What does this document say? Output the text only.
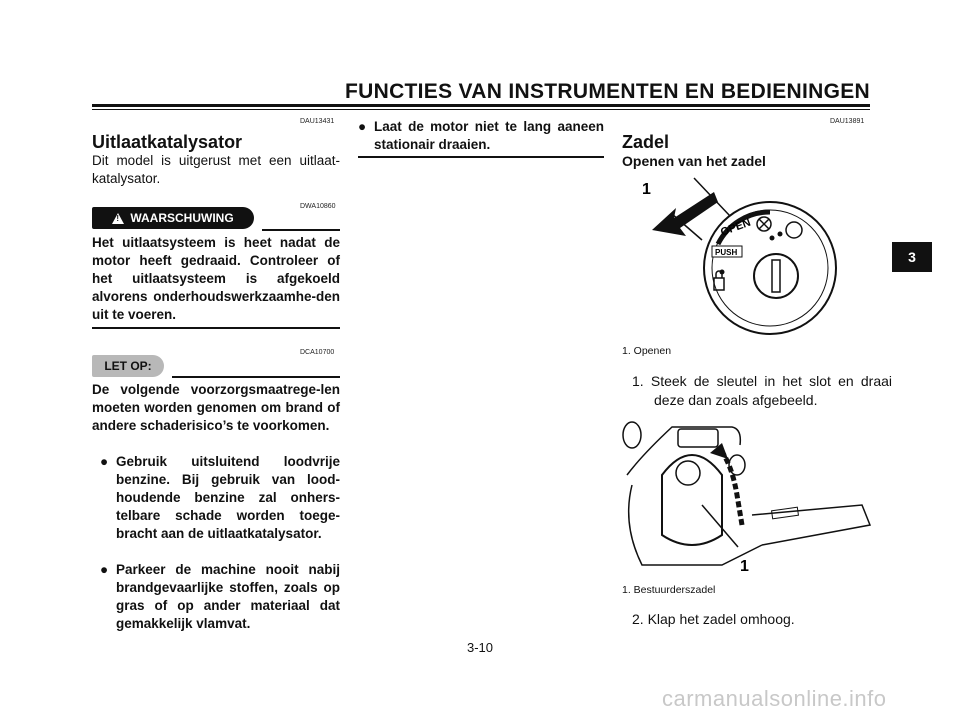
FUNCTIES VAN INSTRUMENTEN EN BEDIENINGEN
DAU13431
Uitlaatkatalysator
Dit model is uitgerust met een uitlaat-katalysator.
DWA10860
!
WAARSCHUWING
Het uitlaatsysteem is heet nadat de motor heeft gedraaid. Controleer of het uitlaatsysteem is afgekoeld alvorens onderhoudswerkzaamhe-den uit te voeren.
DCA10700
LET OP:
De volgende voorzorgsmaatrege-len moeten worden genomen om brand of andere schaderisico’s te voorkomen.
● Gebruik uitsluitend loodvrije benzine. Bij gebruik van lood-houdende benzine zal onhers-telbare schade worden toege-bracht aan de uitlaatkatalysator.
● Parkeer de machine nooit nabij brandgevaarlijke stoffen, zoals op gras of op ander materiaal dat gemakkelijk vlamvat.
● Laat de motor niet te lang aaneen stationair draaien.
DAU13891
Zadel
Openen van het zadel
1
OPEN
PUSH
1. Openen
1. Steek de sleutel in het slot en draai deze dan zoals afgebeeld.
1
1. Bestuurderszadel
2. Klap het zadel omhoog.
3
3-10
carmanualsonline.info
